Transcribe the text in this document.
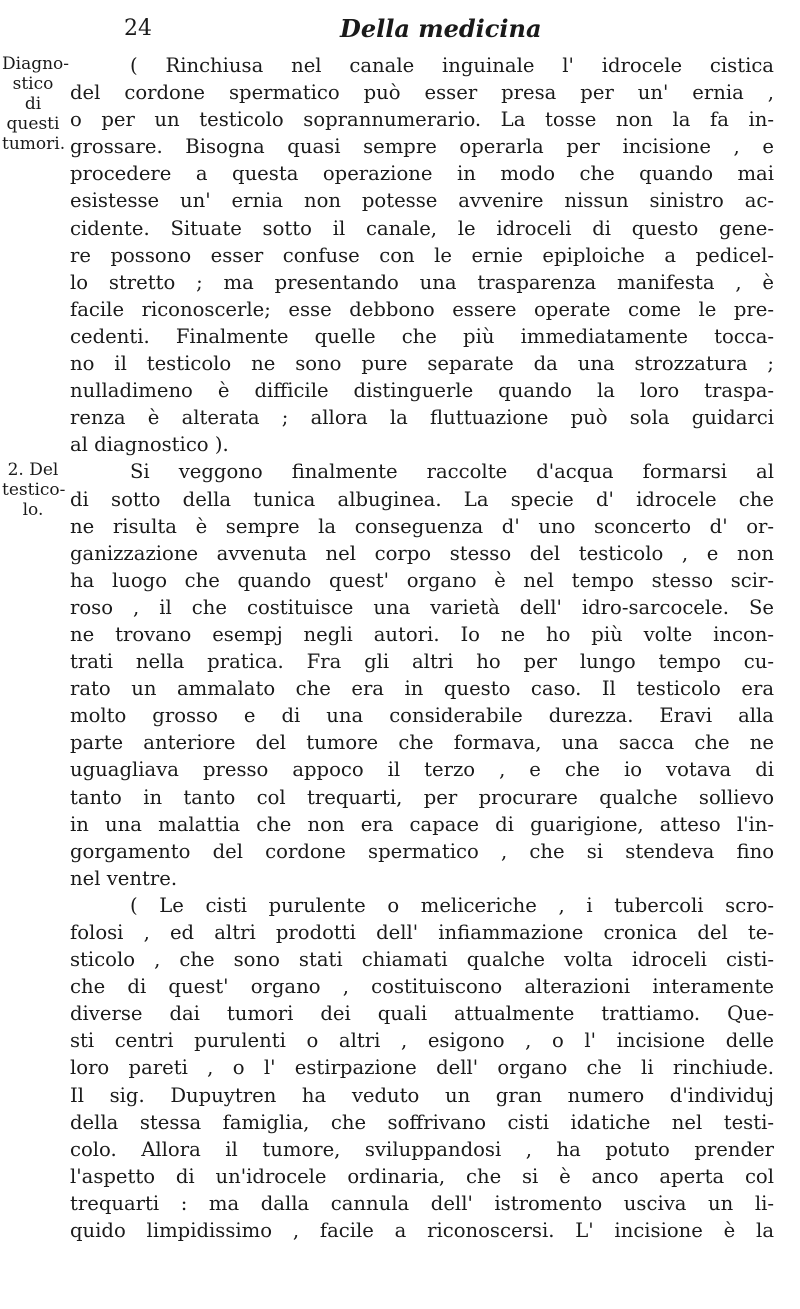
24	Della medicina
Diagno-
stico di
questi
tumori.
2. Del
testico-
lo.
( Rinchiusa nel canale inguinale l' idrocele cistica
del cordone spermatico può esser presa per un' ernia ,
o per un testicolo soprannumerario. La tosse non la fa in-
grossare. Bisogna quasi sempre operarla per incisione , e
procedere a questa operazione in modo che quando mai
esistesse un' ernia non potesse avvenire nissun sinistro ac-
cidente. Situate sotto il canale, le idroceli di questo gene-
re possono esser confuse con le ernie epiploiche a pedicel-
lo stretto ; ma presentando una trasparenza manifesta , è
facile riconoscerle; esse debbono essere operate come le pre-
cedenti. Finalmente quelle che più immediatamente tocca-
no il testicolo ne sono pure separate da una strozzatura ;
nulladimeno è difficile distinguerle quando la loro traspa-
renza è alterata ; allora la fluttuazione può sola guidarci
al diagnostico ).
Si veggono finalmente raccolte d'acqua formarsi al
di sotto della tunica albuginea. La specie d' idrocele che
ne risulta è sempre la conseguenza d' uno sconcerto d' or-
ganizzazione avvenuta nel corpo stesso del testicolo , e non
ha luogo che quando quest' organo è nel tempo stesso scir-
roso , il che costituisce una varietà dell' idro-sarcocele. Se
ne trovano esempj negli autori. Io ne ho più volte incon-
trati nella pratica. Fra gli altri ho per lungo tempo cu-
rato un ammalato che era in questo caso. Il testicolo era
molto grosso e di una considerabile durezza. Eravi alla
parte anteriore del tumore che formava, una sacca che ne
uguagliava presso appoco il terzo , e che io votava di
tanto in tanto col trequarti, per procurare qualche sollievo
in una malattia che non era capace di guarigione, atteso l'in-
gorgamento del cordone spermatico , che si stendeva fino
nel ventre.
( Le cisti purulente o meliceriche , i tubercoli scro-
folosi , ed altri prodotti dell' infiammazione cronica del te-
sticolo , che sono stati chiamati qualche volta idroceli cisti-
che di quest' organo , costituiscono alterazioni interamente
diverse dai tumori dei quali attualmente trattiamo. Que-
sti centri purulenti o altri , esigono , o l' incisione delle
loro pareti , o l' estirpazione dell' organo che li rinchiude.
Il sig. Dupuytren ha veduto un gran numero d'individuj
della stessa famiglia, che soffrivano cisti idatiche nel testi-
colo. Allora il tumore, sviluppandosi , ha potuto prender
l'aspetto di un'idrocele ordinaria, che si è anco aperta col
trequarti : ma dalla cannula dell' istromento usciva un li-
quido limpidissimo , facile a riconoscersi. L' incisione è la
